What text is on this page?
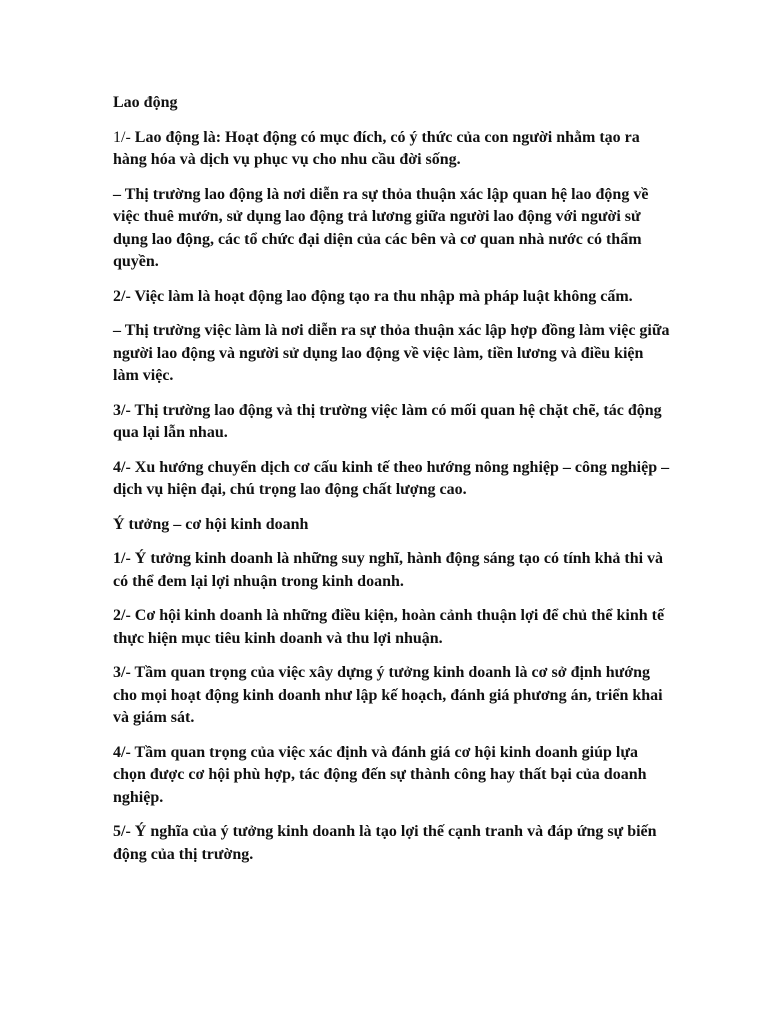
Lao động

1/- Lao động là: Hoạt động có mục đích, có ý thức của con người nhằm tạo ra hàng hóa và dịch vụ phục vụ cho nhu cầu đời sống.

– Thị trường lao động là nơi diễn ra sự thỏa thuận xác lập quan hệ lao động về việc thuê mướn, sử dụng lao động trả lương giữa người lao động với người sử dụng lao động, các tổ chức đại diện của các bên và cơ quan nhà nước có thẩm quyền.

2/- Việc làm là hoạt động lao động tạo ra thu nhập mà pháp luật không cấm.

– Thị trường việc làm là nơi diễn ra sự thỏa thuận xác lập hợp đồng làm việc giữa người lao động và người sử dụng lao động về việc làm, tiền lương và điều kiện làm việc.

3/- Thị trường lao động và thị trường việc làm có mối quan hệ chặt chẽ, tác động qua lại lẫn nhau.

4/- Xu hướng chuyển dịch cơ cấu kinh tế theo hướng nông nghiệp – công nghiệp – dịch vụ hiện đại, chú trọng lao động chất lượng cao.

Ý tưởng – cơ hội kinh doanh

1/- Ý tưởng kinh doanh là những suy nghĩ, hành động sáng tạo có tính khả thi và có thể đem lại lợi nhuận trong kinh doanh.

2/- Cơ hội kinh doanh là những điều kiện, hoàn cảnh thuận lợi để chủ thể kinh tế thực hiện mục tiêu kinh doanh và thu lợi nhuận.

3/- Tầm quan trọng của việc xây dựng ý tưởng kinh doanh là cơ sở định hướng cho mọi hoạt động kinh doanh như lập kế hoạch, đánh giá phương án, triển khai và giám sát.

4/- Tầm quan trọng của việc xác định và đánh giá cơ hội kinh doanh giúp lựa chọn được cơ hội phù hợp, tác động đến sự thành công hay thất bại của doanh nghiệp.

5/- Ý nghĩa của ý tưởng kinh doanh là tạo lợi thế cạnh tranh và đáp ứng sự biến động của thị trường.
